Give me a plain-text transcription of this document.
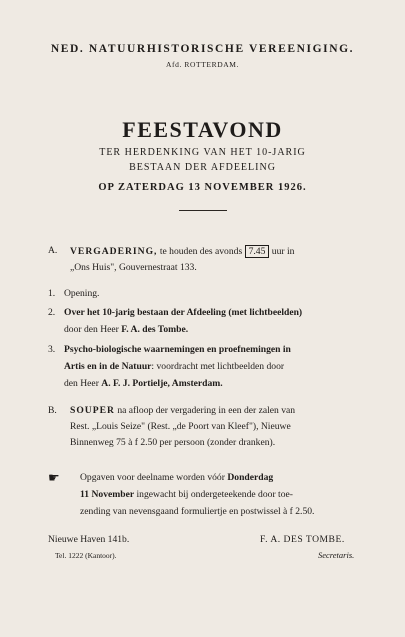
NED. NATUURHISTORISCHE VEREENIGING.
Afd. ROTTERDAM.
FEESTAVOND
TER HERDENKING VAN HET 10-JARIG
BESTAAN DER AFDEELING
OP ZATERDAG 13 NOVEMBER 1926.
A. VERGADERING, te houden des avonds 7.45 uur in
„Ons Huis", Gouvernestraat 133.
1. Opening.
2. Over het 10-jarig bestaan der Afdeeling (met lichtbeelden)
door den Heer F. A. des Tombe.
3. Psycho-biologische waarnemingen en proefnemingen in
Artis en in de Natuur: voordracht met lichtbeelden door
den Heer A. F. J. Portielje, Amsterdam.
B. SOUPER na afloop der vergadering in een der zalen van
Rest. „Louis Seize" (Rest. „de Poort van Kleef"), Nieuwe
Binnenweg 75 à f 2.50 per persoon (zonder dranken).
☛ Opgaven voor deelname worden vóór Donderdag
11 November ingewacht bij ondergeteekende door toe-
zending van nevensgaand formuliertje en postwissel à f 2.50.
Nieuwe Haven 141b.
Tel. 1222 (Kantoor).
F. A. DES TOMBE.
Secretaris.
